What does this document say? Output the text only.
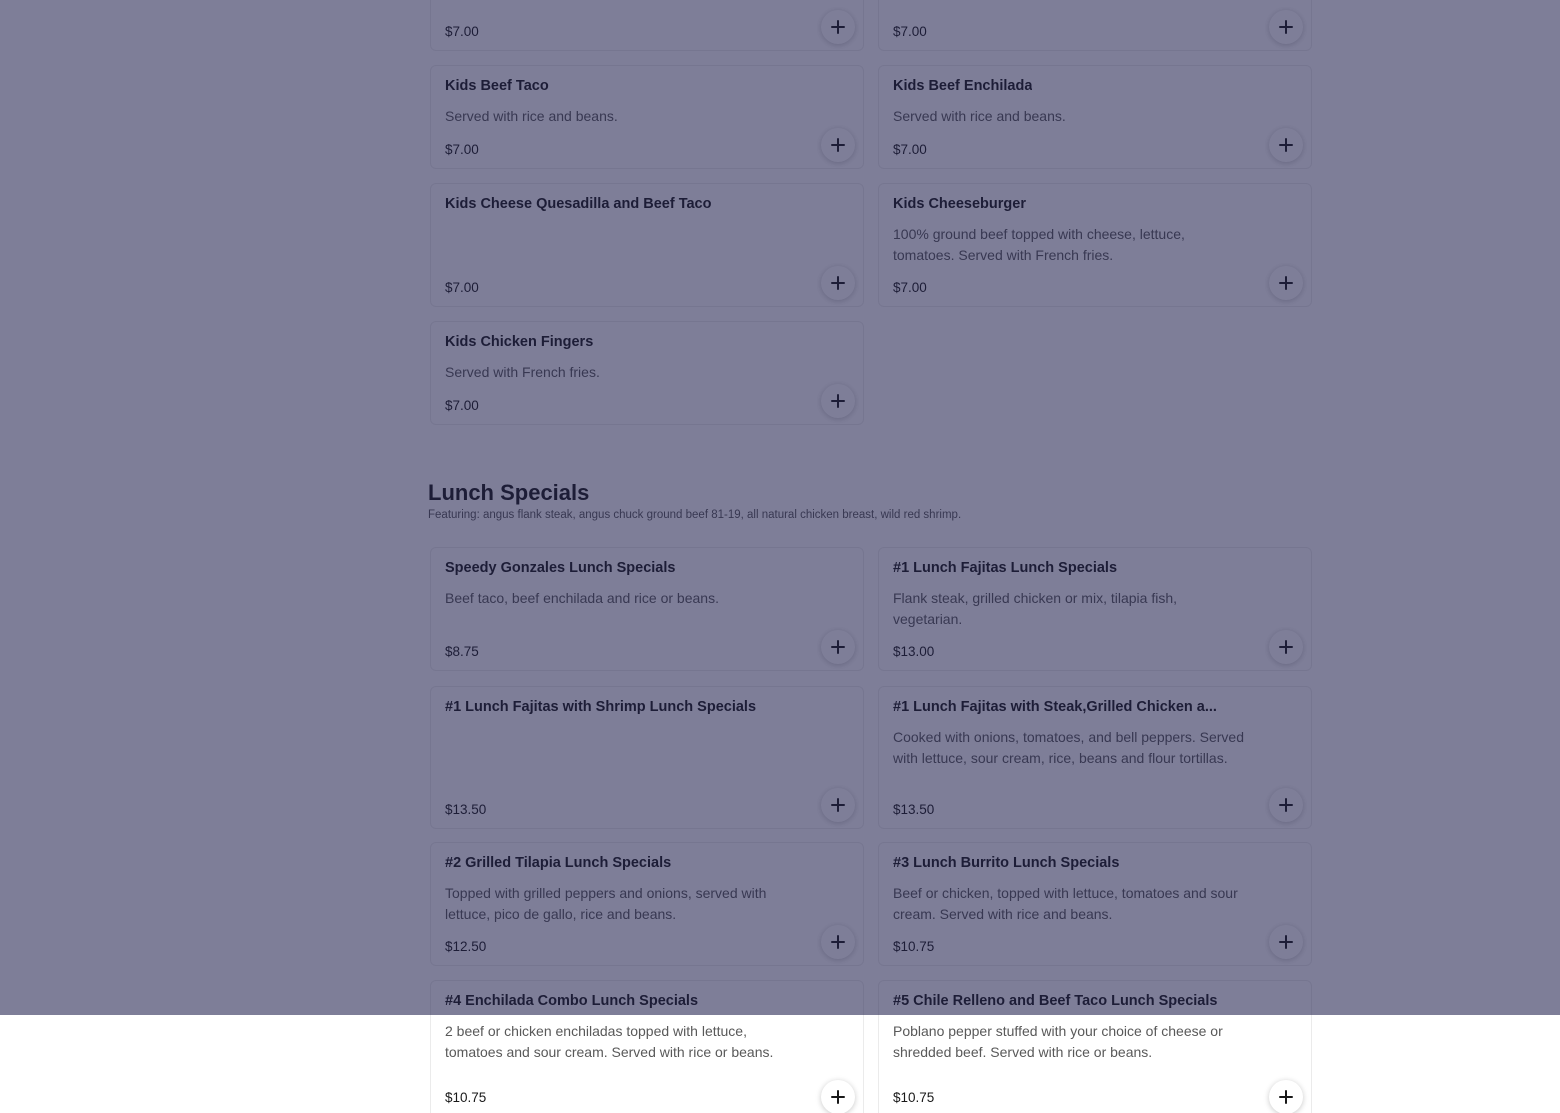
2 beef or chicken enchiladas topped with lettuce, tomatoes and sour cream. Served with rice or beans.
$10.75
Poblano pepper stuffed with your choice of cheese or shredded beef. Served with rice or beans.
$10.75
